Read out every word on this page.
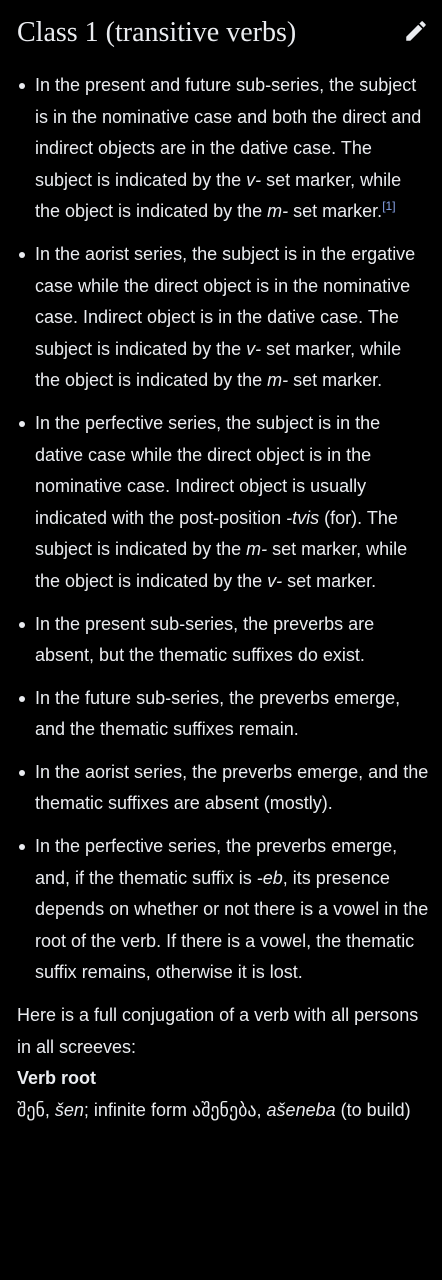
Class 1 (transitive verbs)
In the present and future sub-series, the subject is in the nominative case and both the direct and indirect objects are in the dative case. The subject is indicated by the v- set marker, while the object is indicated by the m- set marker.[1]
In the aorist series, the subject is in the ergative case while the direct object is in the nominative case. Indirect object is in the dative case. The subject is indicated by the v- set marker, while the object is indicated by the m- set marker.
In the perfective series, the subject is in the dative case while the direct object is in the nominative case. Indirect object is usually indicated with the post-position -tvis (for). The subject is indicated by the m- set marker, while the object is indicated by the v- set marker.
In the present sub-series, the preverbs are absent, but the thematic suffixes do exist.
In the future sub-series, the preverbs emerge, and the thematic suffixes remain.
In the aorist series, the preverbs emerge, and the thematic suffixes are absent (mostly).
In the perfective series, the preverbs emerge, and, if the thematic suffix is -eb, its presence depends on whether or not there is a vowel in the root of the verb. If there is a vowel, the thematic suffix remains, otherwise it is lost.

Here is a full conjugation of a verb with all persons in all screeves:

Verb root

შენ, šen; infinite form აშენება, ašeneba (to build)
